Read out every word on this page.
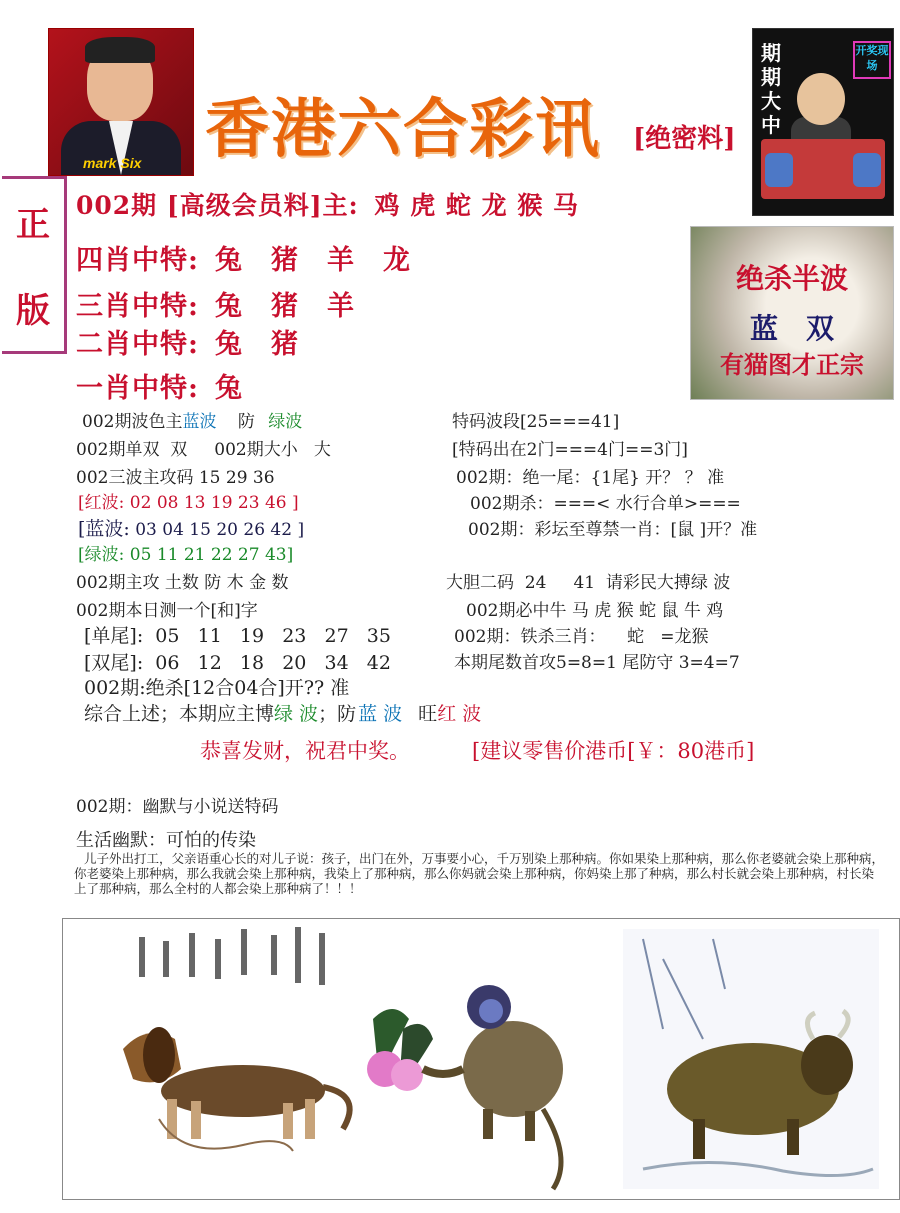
mark Six 香港六合彩讯 [绝密料]
期
期
大
中
开奖现场
正
版
002期 [高级会员料]主: 鸡 虎 蛇 龙 猴 马
四肖中特: 兔　猪　羊　龙
三肖中特: 兔　猪　羊
二肖中特: 兔　猪
一肖中特: 兔
绝杀半波
蓝　双
有猫图才正宗
002期波色主蓝波 防 绿波
002期单双  双     002期大小   大
002三波主攻码 15 29 36
[红波: 02 08 13 19 23 46 ]
[蓝波: 03 04 15 20 26 42 ]
[绿波: 05 11 21 22 27 43]
002期主攻 土数 防 木 金 数
002期本日测一个[和]字
[单尾]:  05   11   19   23   27   35
[双尾]:  06   12   18   20   34   42
002期:绝杀[12合04合]开?? 准
综合上述；本期应主博绿 波；防 蓝 波 旺红 波
特码波段[25===41]
[特码出在2门===4门==3门]
002期：绝一尾：{1尾} 开？ ？ 准
002期杀：===< 水行合单>===
002期：彩坛至尊禁一肖：[鼠 ]开？准
大胆二码  24     41  请彩民大搏绿 波
002期必中牛 马 虎 猴 蛇 鼠 牛 鸡
002期：铁杀三肖：    蛇   =龙猴
本期尾数首攻5=8=1 尾防守 3=4=7
恭喜发财，祝君中奖。	[建议零售价港币[￥：80港币]
002期：幽默与小说送特码
生活幽默：可怕的传染
儿子外出打工，父亲语重心长的对儿子说：孩子，出门在外，万事要小心，千万别染上那种病。你如果染上那种病，那么你老婆就会染上那种病，你老婆染上那种病，那么我就会染上那种病，我染上了那种病，那么你妈就会染上那种病，你妈染上那了种病，那么村长就会染上那种病，村长染上了那种病，那么全村的人都会染上那种病了！！！
